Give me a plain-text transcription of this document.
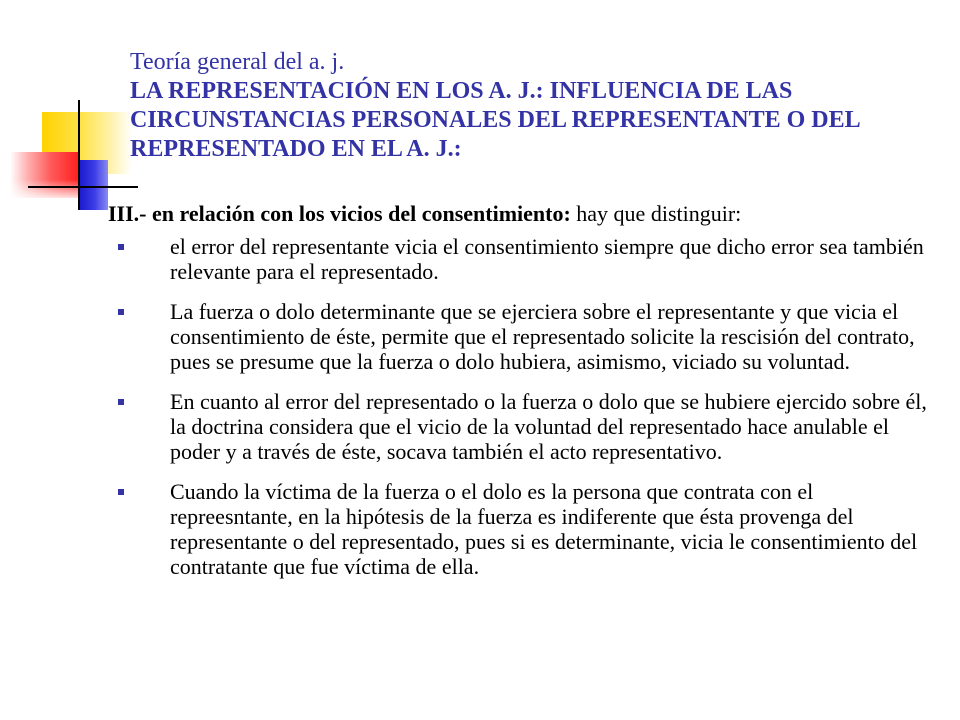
Teoría general del a. j.
LA REPRESENTACIÓN EN LOS A. J.: INFLUENCIA DE LAS CIRCUNSTANCIAS PERSONALES DEL REPRESENTANTE O DEL REPRESENTADO EN EL A. J.:

III.- en relación con los vicios del consentimiento: hay que distinguir:

el error del representante vicia el consentimiento siempre que dicho error sea también relevante para el representado.
La fuerza o dolo determinante que se ejerciera sobre el representante y que vicia el consentimiento de éste, permite que el representado solicite la rescisión del contrato, pues se presume que la fuerza o dolo hubiera, asimismo, viciado su voluntad.
En cuanto al error del representado o la fuerza o dolo que se hubiere ejercido sobre él, la doctrina considera que el vicio de la voluntad del representado hace anulable el poder y a través de éste, socava también el acto representativo.
Cuando la víctima de la fuerza o el dolo es la persona que contrata con el repreesntante, en la hipótesis de la fuerza es indiferente que ésta provenga del representante o del representado, pues si es determinante, vicia le consentimiento del contratante que fue víctima de ella.
